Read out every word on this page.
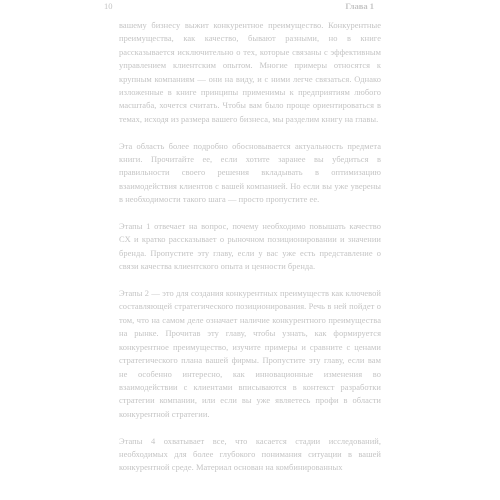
10	Глава 1

вашему бизнесу выжит конкурентное преимущество. Конкурентные преимущества, как качество, бывают разными, но в книге рассказывается исключительно о тех, которые связаны с эффективным управлением клиентским опытом. Многие примеры относятся к крупным компаниям — они на виду, и с ними легче связаться. Однако изложенные в книге принципы применимы к предприятиям любого масштаба, хочется считать. Чтобы вам было проще ориентироваться в темах, исходя из размера вашего бизнеса, мы разделим книгу на главы.

Эта область более подробно обосновывается актуальность предмета книги. Прочитайте ее, если хотите заранее вы убедиться в правильности своего решения вкладывать в оптимизацию взаимодействия клиентов с вашей компанией. Но если вы уже уверены в необходимости такого шага — просто пропустите ее.

Этапы 1 отвечает на вопрос, почему необходимо повышать качество CX и кратко рассказывает о рыночном позиционировании и значении бренда. Пропустите эту главу, если у вас уже есть представление о связи качества клиентского опыта и ценности бренда.

Этапы 2 — это для создания конкурентных преимуществ как ключевой составляющей стратегического позиционирования. Речь в ней пойдет о том, что на самом деле означает наличие конкурентного преимущества на рынке. Прочитав эту главу, чтобы узнать, как формируется конкурентное преимущество, изучите примеры и сравните с ценами стратегического плана вашей фирмы. Пропустите эту главу, если вам не особенно интересно, как инновационные изменения во взаимодействии с клиентами вписываются в контекст разработки стратегии компании, или если вы уже являетесь профи в области конкурентной стратегии.

Этапы 4 охватывает все, что касается стадии исследований, необходимых для более глубокого понимания ситуации в вашей конкурентной среде. Материал основан на комбинированных
